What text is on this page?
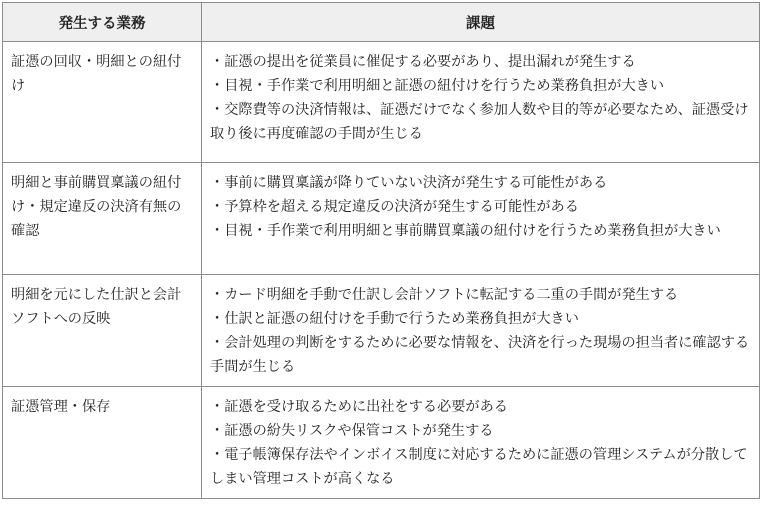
発生する業務	課題
証憑の回収・明細との紐付け	・証憑の提出を従業員に催促する必要があり、提出漏れが発生する
・目視・手作業で利用明細と証憑の紐付けを行うため業務負担が大きい
・交際費等の決済情報は、証憑だけでなく参加人数や目的等が必要なため、証憑受け取り後に再度確認の手間が生じる

明細と事前購買稟議の紐付け・規定違反の決済有無の確認	・事前に購買稟議が降りていない決済が発生する可能性がある
・予算枠を超える規定違反の決済が発生する可能性がある
・目視・手作業で利用明細と事前購買稟議の紐付けを行うため業務負担が大きい

明細を元にした仕訳と会計ソフトへの反映	・カード明細を手動で仕訳し会計ソフトに転記する二重の手間が発生する
・仕訳と証憑の紐付けを手動で行うため業務負担が大きい
・会計処理の判断をするために必要な情報を、決済を行った現場の担当者に確認する手間が生じる

証憑管理・保存	・証憑を受け取るために出社をする必要がある
・証憑の紛失リスクや保管コストが発生する
・電子帳簿保存法やインボイス制度に対応するために証憑の管理システムが分散してしまい管理コストが高くなる
